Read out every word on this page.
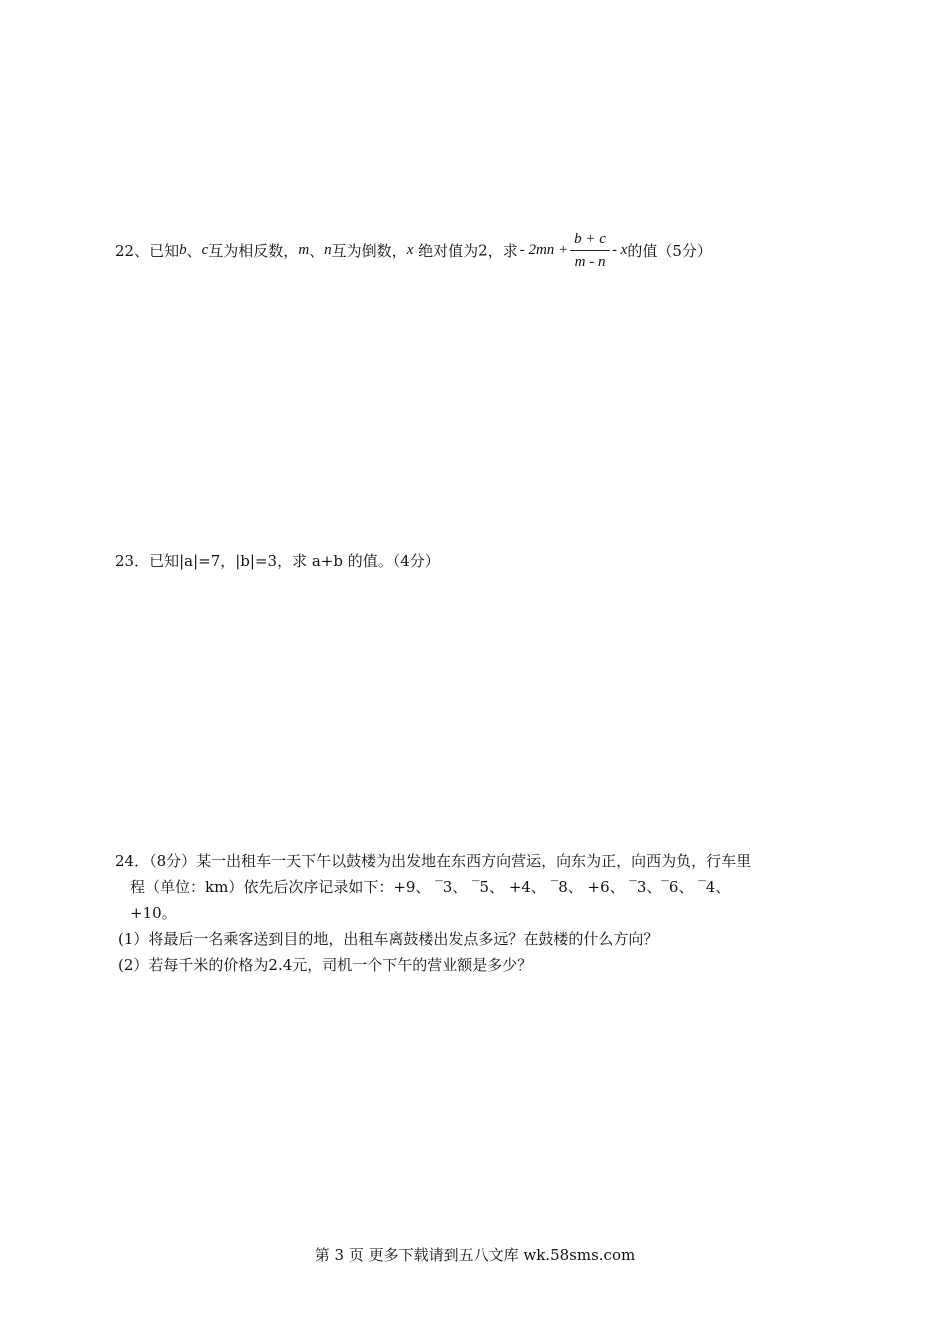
22、已知b、c互为相反数，m、n互为倒数，x 绝对值为2，求 - $2mn + \frac{b + c}{m - n} - x$的值（5分）
23．已知|a|=7，|b|=3，求 a+b 的值。（4分）
24．（8分）某一出租车一天下午以鼓楼为出发地在东西方向营运，向东为正，向西为负，行车里
程（单位：km）依先后次序记录如下：+9、 ‾3、 ‾5、 +4、 ‾8、 +6、 ‾3、‾6、 ‾4、
+10。
(1）将最后一名乘客送到目的地，出租车离鼓楼出发点多远？在鼓楼的什么方向？
(2）若每千米的价格为2.4元，司机一个下午的营业额是多少？
第 3 页 更多下载请到五八文库 wk.58sms.com
